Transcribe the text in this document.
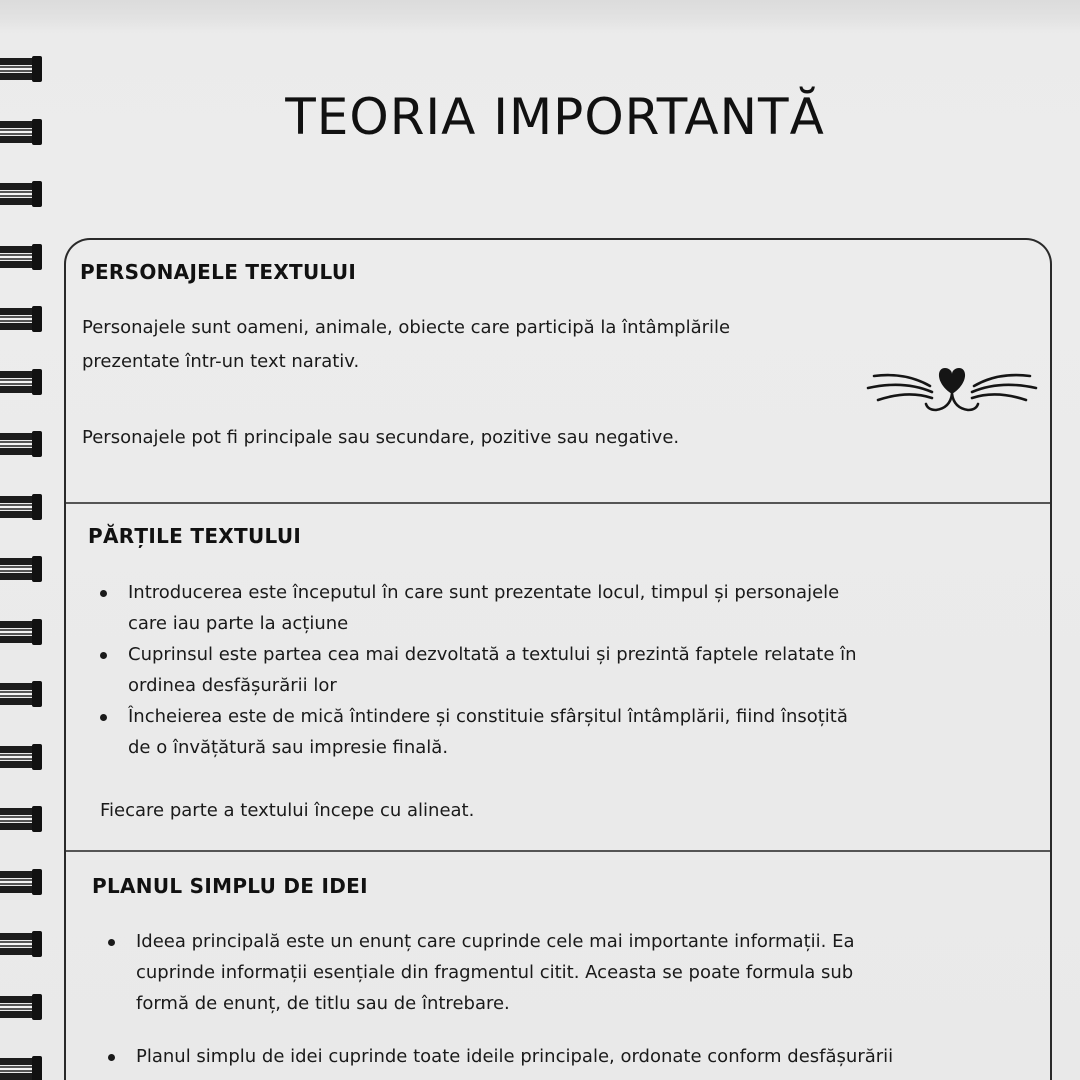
TEORIA IMPORTANTĂ
PERSONAJELE TEXTULUI
Personajele sunt oameni, animale, obiecte care participă la întâmplările
prezentate într-un text narativ.
Personajele pot fi principale sau secundare, pozitive sau negative.
PĂRȚILE TEXTULUI
Introducerea este începutul în care sunt prezentate locul, timpul și personajele
care iau parte la acțiune
Cuprinsul este partea cea mai dezvoltată a textului și prezintă faptele relatate în
ordinea desfășurării lor
Încheierea este de mică întindere și constituie sfârșitul întâmplării, fiind însoțită
de o învățătură sau impresie finală.
Fiecare parte a textului începe cu alineat.
PLANUL SIMPLU DE IDEI
Ideea principală este un enunț care cuprinde cele mai importante informații. Ea
cuprinde informații esențiale din fragmentul citit. Aceasta se poate formula sub
formă de enunț, de titlu sau de întrebare.
Planul simplu de idei cuprinde toate ideile principale, ordonate conform desfășurării
